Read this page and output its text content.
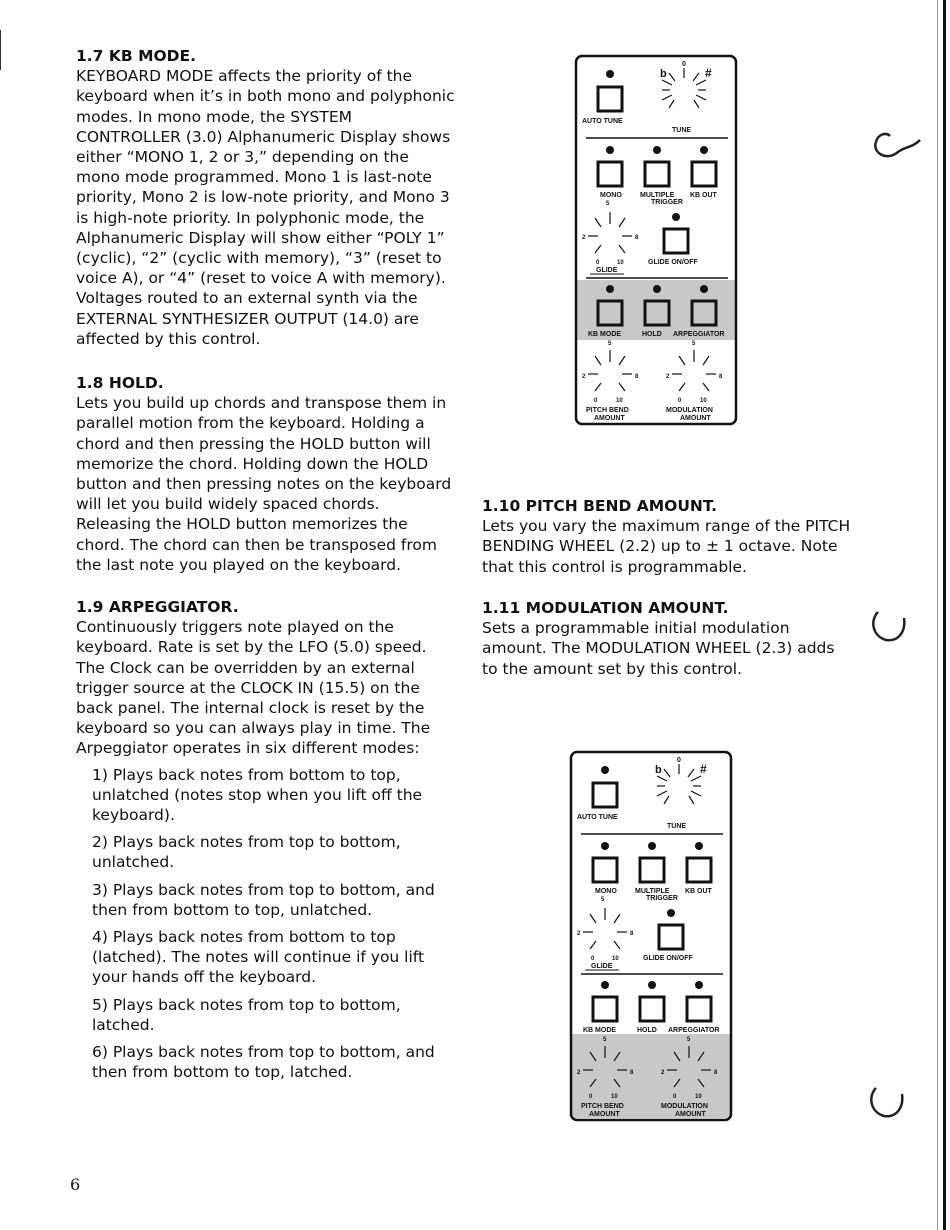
1.7 KB MODE.

KEYBOARD MODE affects the priority of the keyboard when it’s in both mono and polyphonic modes. In mono mode, the SYSTEM CONTROLLER (3.0) Alphanumeric Display shows either “MONO 1, 2 or 3,” depending on the mono mode programmed. Mono 1 is last-note priority, Mono 2 is low-note priority, and Mono 3 is high-note priority. In polyphonic mode, the Alphanumeric Display will show either “POLY 1” (cyclic), “2” (cyclic with memory), “3” (reset to voice A), or “4” (reset to voice A with memory). Voltages routed to an external synth via the EXTERNAL SYNTHESIZER OUTPUT (14.0) are affected by this control.

1.8 HOLD.

Lets you build up chords and transpose them in parallel motion from the keyboard. Holding a chord and then pressing the HOLD button will memorize the chord. Holding down the HOLD button and then pressing notes on the keyboard will let you build widely spaced chords. Releasing the HOLD button memorizes the chord. The chord can then be transposed from the last note you played on the keyboard.

1.9 ARPEGGIATOR.

Continuously triggers note played on the keyboard. Rate is set by the LFO (5.0) speed. The Clock can be overridden by an external trigger source at the CLOCK IN (15.5) on the back panel. The internal clock is reset by the keyboard so you can always play in time. The Arpeggiator operates in six different modes:

1) Plays back notes from bottom to top, unlatched (notes stop when you lift off the keyboard).
2) Plays back notes from top to bottom, unlatched.
3) Plays back notes from top to bottom, and then from bottom to top, unlatched.
4) Plays back notes from bottom to top (latched). The notes will continue if you lift your hands off the keyboard.
5) Plays back notes from top to bottom, latched.
6) Plays back notes from top to bottom, and then from bottom to top, latched.
1.10 PITCH BEND AMOUNT.

Lets you vary the maximum range of the PITCH BENDING WHEEL (2.2) up to ± 1 octave. Note that this control is programmable.

1.11 MODULATION AMOUNT.

Sets a programmable initial modulation amount. The MODULATION WHEEL (2.3) adds to the amount set by this control.

6
AUTO TUNE
b
0
#
TUNE
MONO	MULTIPLE KB OUT
5	TRIGGER
2	8
0	10
GLIDE
GLIDE ON/OFF
KB MODE	HOLD ARPEGGIATOR
5
2	8
0	10
PITCH BEND
AMOUNT
5
2	8
0	10
MODULATION
AMOUNT
AUTO TUNE
b
0
#
TUNE
MONO	MULTIPLE KB OUT
5	TRIGGER
2	8
0	10
GLIDE
GLIDE ON/OFF
KB MODE	HOLD ARPEGGIATOR
5
2	8
0	10
PITCH BEND
AMOUNT
5
2	8
0	10
MODULATION
AMOUNT
